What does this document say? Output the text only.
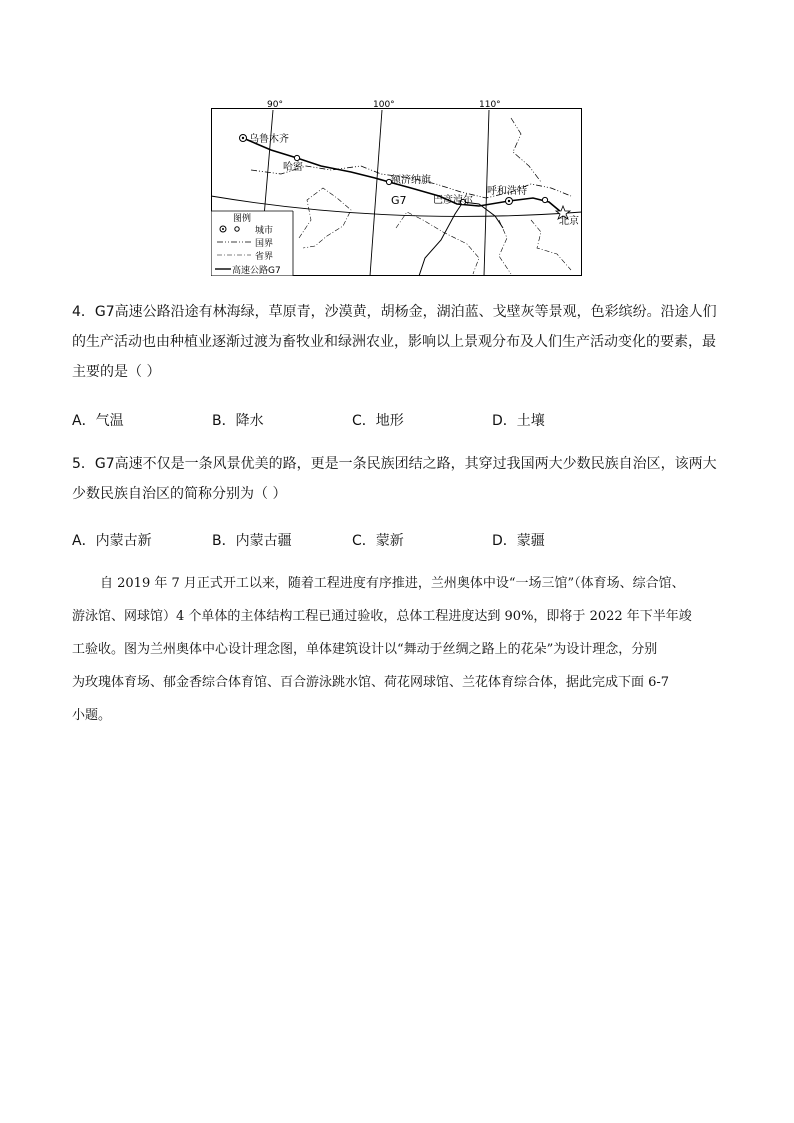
90°	100°	110°
乌鲁木齐
哈密
额济纳旗
巴彦淖尔
呼和浩特
北京
G7
图例
城市
国界
省界
高速公路G7

4．G7高速公路沿途有林海绿，草原青，沙漠黄，胡杨金，湖泊蓝、戈壁灰等景观，色彩缤纷。沿途人们
的生产活动也由种植业逐渐过渡为畜牧业和绿洲农业，影响以上景观分布及人们生产活动变化的要素，最
主要的是（ ）

A．气温	B．降水	C．地形	D．土壤

5．G7高速不仅是一条风景优美的路，更是一条民族团结之路，其穿过我国两大少数民族自治区，该两大
少数民族自治区的简称分别为（ ）

A．内蒙古新	B．内蒙古疆	C．蒙新	D．蒙疆

自 2019 年 7 月正式开工以来，随着工程进度有序推进，兰州奥体中设“一场三馆”（体育场、综合馆、
游泳馆、网球馆）4 个单体的主体结构工程已通过验收，总体工程进度达到 90%，即将于 2022 年下半年竣
工验收。图为兰州奥体中心设计理念图，单体建筑设计以“舞动于丝绸之路上的花朵”为设计理念，分别
为玫瑰体育场、郁金香综合体育馆、百合游泳跳水馆、荷花网球馆、兰花体育综合体，据此完成下面 6-7
小题。
